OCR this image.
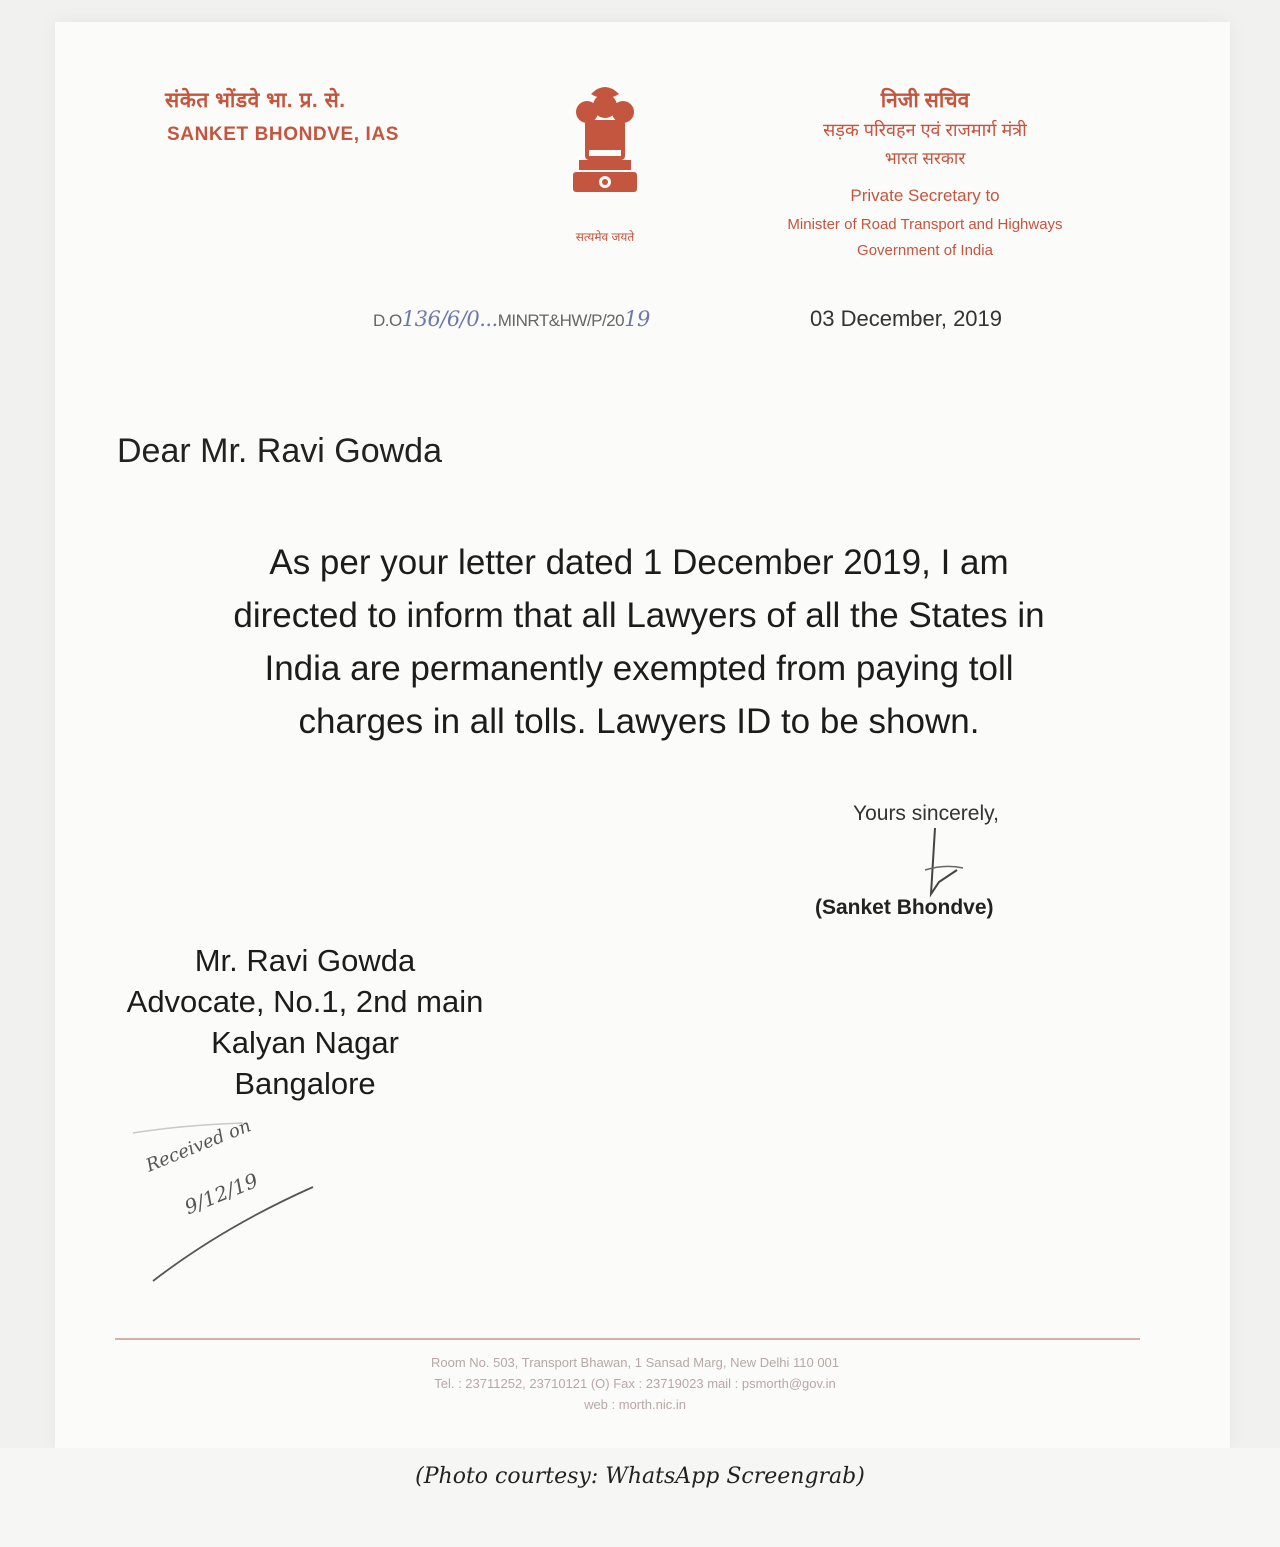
संकेत भोंडवे भा. प्र. से.
SANKET BHONDVE, IAS
सत्यमेव जयते
निजी सचिव
सड़क परिवहन एवं राजमार्ग मंत्री
भारत सरकार
Private Secretary to
Minister of Road Transport and Highways
Government of India
D.O136/6/0...MINRT&HW/P/2019	03 December, 2019
Dear Mr. Ravi Gowda
As per your letter dated 1 December 2019, I am
directed to inform that all Lawyers of all the States in
India are permanently exempted from paying toll
charges in all tolls. Lawyers ID to be shown.
Yours sincerely,
(Sanket Bhondve)
Mr. Ravi Gowda
Advocate, No.1, 2nd main
Kalyan Nagar
Bangalore
Received on
9/12/19
Room No. 503, Transport Bhawan, 1 Sansad Marg, New Delhi 110 001
Tel. : 23711252, 23710121 (O) Fax : 23719023 mail : psmorth@gov.in
web : morth.nic.in
(Photo courtesy: WhatsApp Screengrab)
